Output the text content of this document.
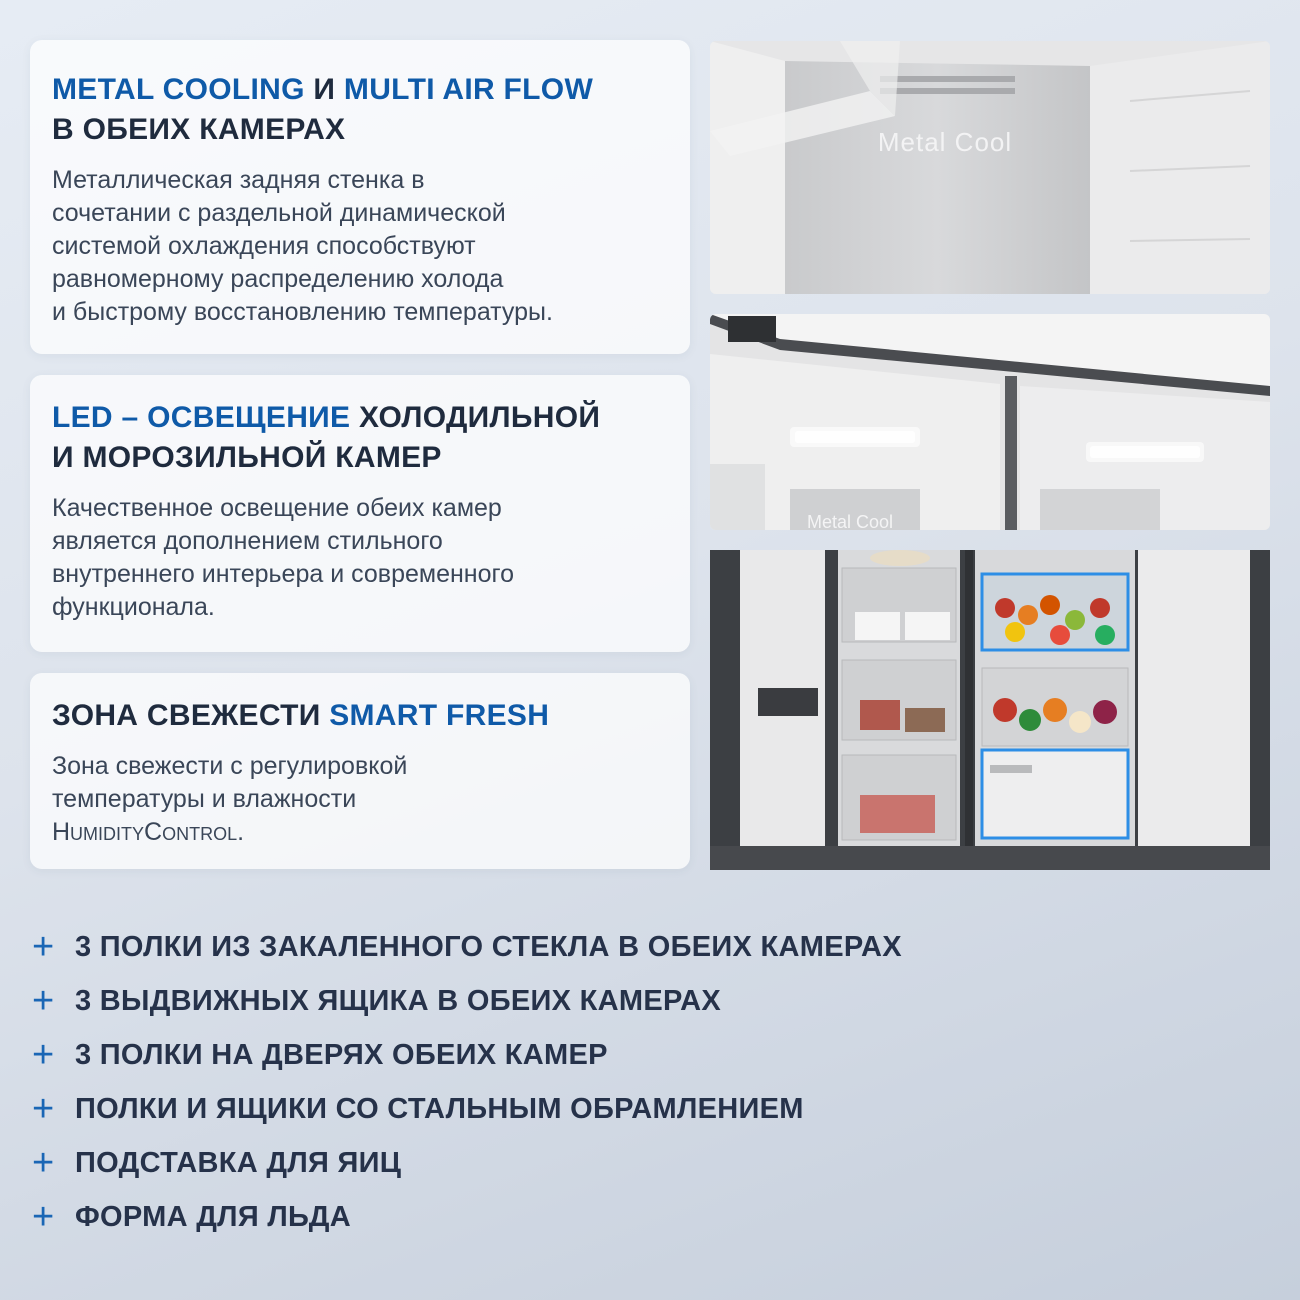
METAL COOLING И MULTI AIR FLOW
В ОБЕИХ КАМЕРАХ
Металлическая задняя стенка в
сочетании с раздельной динамической
системой охлаждения способствуют
равномерному распределению холода
и быстрому восстановлению температуры.
LED – ОСВЕЩЕНИЕ ХОЛОДИЛЬНОЙ
И МОРОЗИЛЬНОЙ КАМЕР
Качественное освещение обеих камер
является дополнением стильного
внутреннего интерьера и современного
функционала.
ЗОНА СВЕЖЕСТИ SMART FRESH
Зона свежести с регулировкой
температуры и влажности
HumidityControl.
Metal Cool
Metal Cool
+ 3 ПОЛКИ ИЗ ЗАКАЛЕННОГО СТЕКЛА В ОБЕИХ КАМЕРАХ
+ 3 ВЫДВИЖНЫХ ЯЩИКА В ОБЕИХ КАМЕРАХ
+ 3 ПОЛКИ НА ДВЕРЯХ ОБЕИХ КАМЕР
+ ПОЛКИ И ЯЩИКИ СО СТАЛЬНЫМ ОБРАМЛЕНИЕМ
+ ПОДСТАВКА ДЛЯ ЯИЦ
+ ФОРМА ДЛЯ ЛЬДА
